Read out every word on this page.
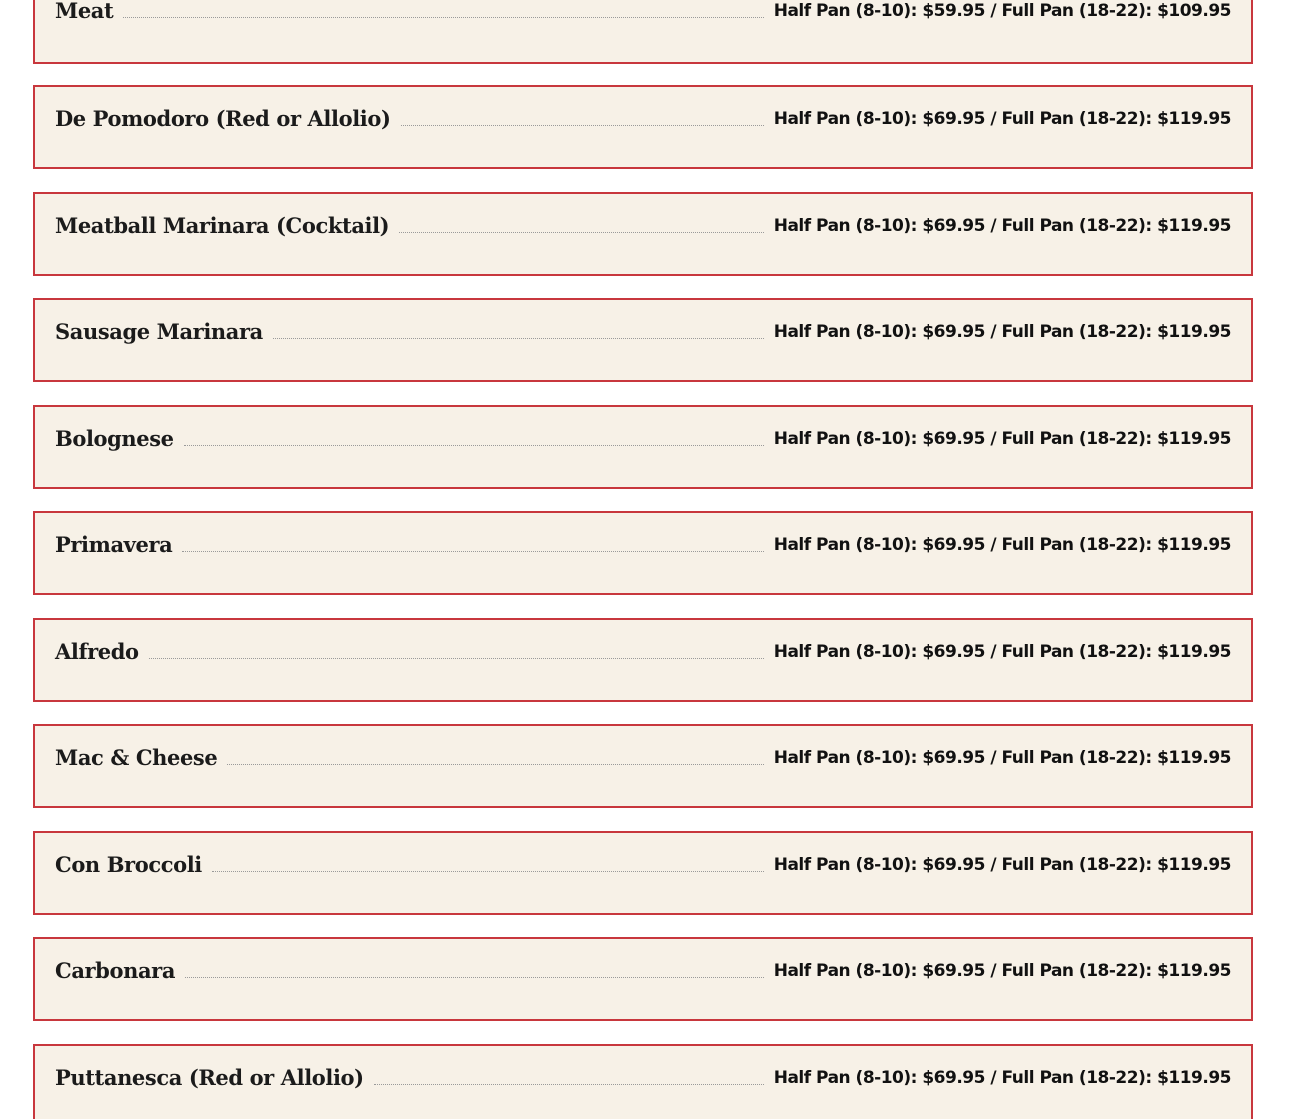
Meat	Half Pan (8-10): $59.95 / Full Pan (18-22): $109.95
De Pomodoro (Red or Allolio)	Half Pan (8-10): $69.95 / Full Pan (18-22): $119.95
Meatball Marinara (Cocktail)	Half Pan (8-10): $69.95 / Full Pan (18-22): $119.95
Sausage Marinara	Half Pan (8-10): $69.95 / Full Pan (18-22): $119.95
Bolognese	Half Pan (8-10): $69.95 / Full Pan (18-22): $119.95
Primavera	Half Pan (8-10): $69.95 / Full Pan (18-22): $119.95
Alfredo	Half Pan (8-10): $69.95 / Full Pan (18-22): $119.95
Mac & Cheese	Half Pan (8-10): $69.95 / Full Pan (18-22): $119.95
Con Broccoli	Half Pan (8-10): $69.95 / Full Pan (18-22): $119.95
Carbonara	Half Pan (8-10): $69.95 / Full Pan (18-22): $119.95
Puttanesca (Red or Allolio)	Half Pan (8-10): $69.95 / Full Pan (18-22): $119.95
